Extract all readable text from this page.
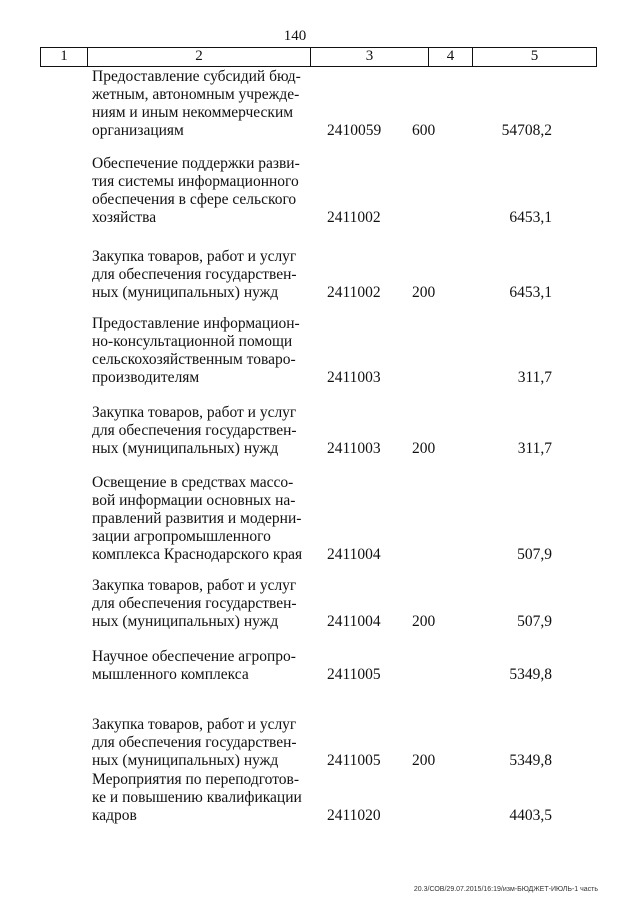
140
1	2	3	4	5
Предоставление субсидий бюд-
жетным, автономным учрежде-
ниям и иным некоммерческим
организациям	2410059 600	54708,2
Обеспечение поддержки разви-
тия системы информационного
обеспечения в сфере сельского
хозяйства	2411002	6453,1
Закупка товаров, работ и услуг
для обеспечения государствен-
ных (муниципальных) нужд	2411002 200	6453,1
Предоставление информацион-
но-консультационной помощи
сельскохозяйственным товаро-
производителям	2411003	311,7
Закупка товаров, работ и услуг
для обеспечения государствен-
ных (муниципальных) нужд	2411003 200	311,7
Освещение в средствах массо-
вой информации основных на-
правлений развития и модерни-
зации агропромышленного
комплекса Краснодарского края 2411004	507,9
Закупка товаров, работ и услуг
для обеспечения государствен-
ных (муниципальных) нужд	2411004 200	507,9
Научное обеспечение агропро-
мышленного комплекса	2411005	5349,8
Закупка товаров, работ и услуг
для обеспечения государствен-
ных (муниципальных) нужд	2411005 200	5349,8
Мероприятия по переподготов-
ке и повышению квалификации
кадров	2411020	4403,5
20.3/СОВ/29.07.2015/16:19/изм-БЮДЖЕТ-ИЮЛЬ-1 часть
